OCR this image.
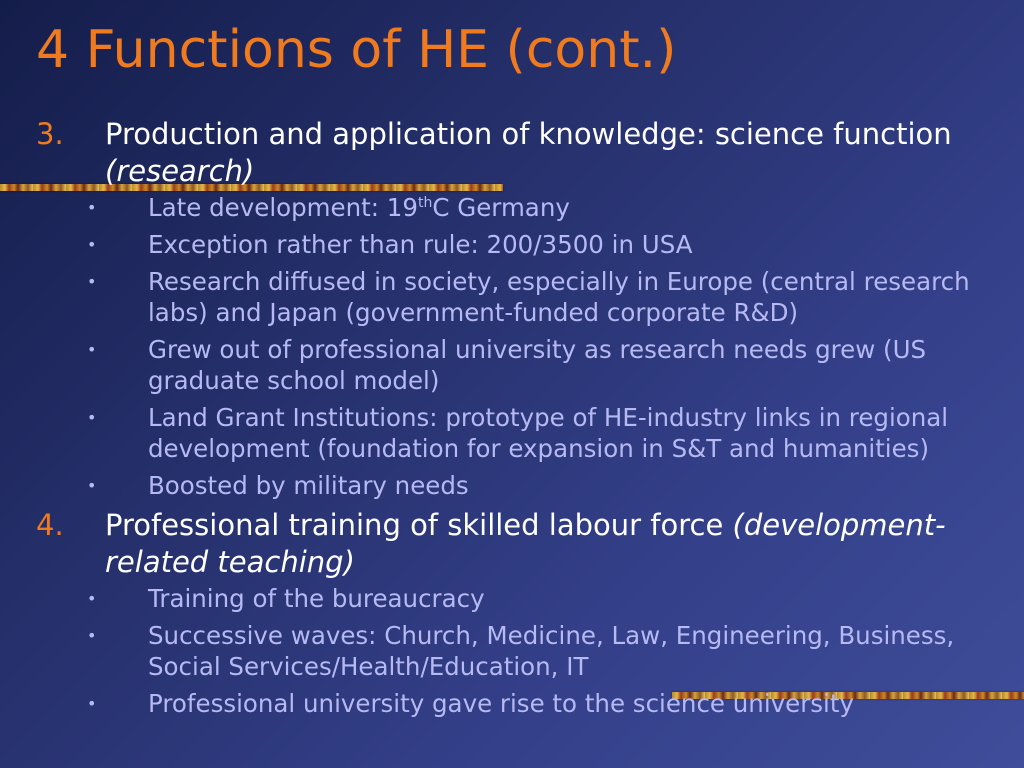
4 Functions of HE (cont.)
3. Production and application of knowledge: science function (research)
• Late development: 19thC Germany
• Exception rather than rule: 200/3500 in USA
• Research diffused in society, especially in Europe (central research labs) and Japan (government-funded corporate R&D)
• Grew out of professional university as research needs grew (US graduate school model)
• Land Grant Institutions: prototype of HE-industry links in regional development (foundation for expansion in S&T and humanities)
• Boosted by military needs
4. Professional training of skilled labour force (development-related teaching)
• Training of the bureaucracy
• Successive waves: Church, Medicine, Law, Engineering, Business, Social Services/Health/Education, IT
• Professional university gave rise to the science university
